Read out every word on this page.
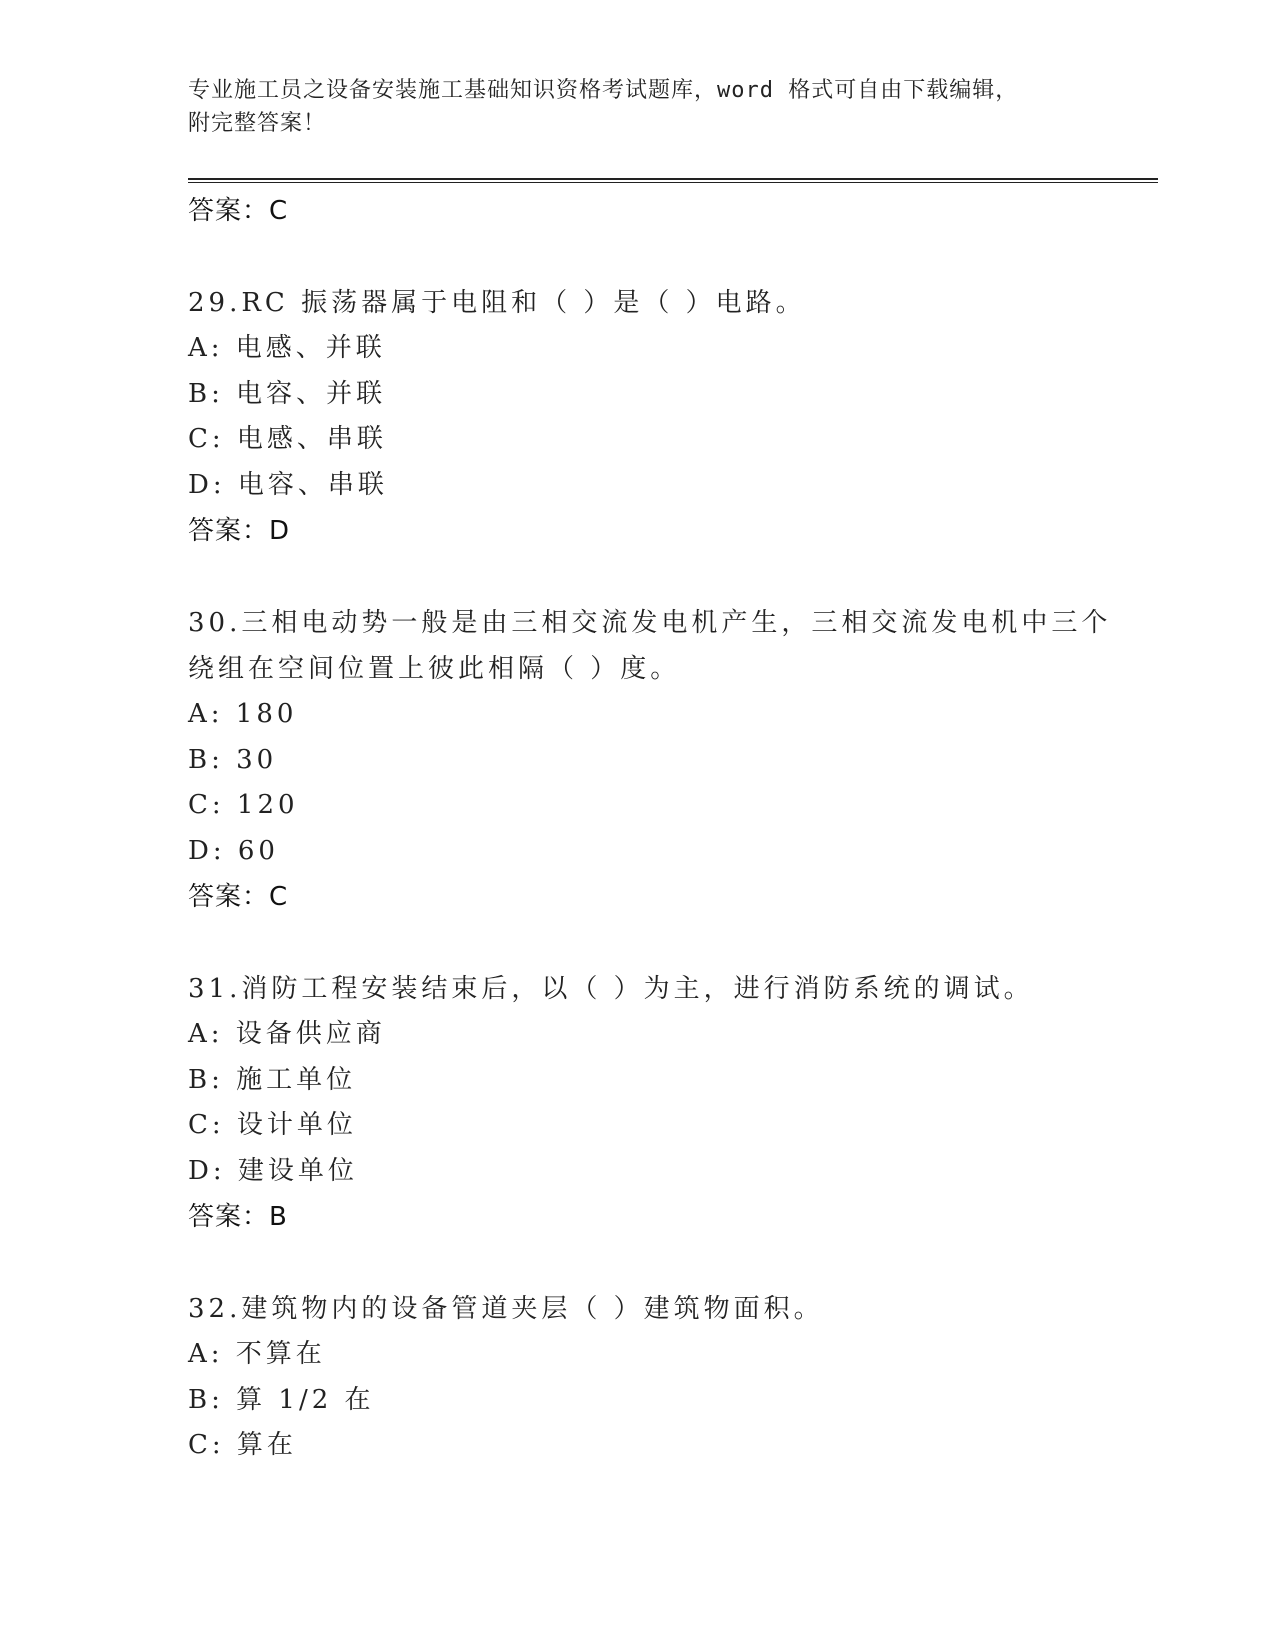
专业施工员之设备安装施工基础知识资格考试题库，word 格式可自由下载编辑，
附完整答案！
答案：C
29.RC 振荡器属于电阻和（ ）是（ ）电路。
A: 电感、并联
B: 电容、并联
C: 电感、串联
D: 电容、串联
答案：D
30.三相电动势一般是由三相交流发电机产生，三相交流发电机中三个
绕组在空间位置上彼此相隔（ ）度。
A: 180
B: 30
C: 120
D: 60
答案：C
31.消防工程安装结束后，以（ ）为主，进行消防系统的调试。
A: 设备供应商
B: 施工单位
C: 设计单位
D: 建设单位
答案：B
32.建筑物内的设备管道夹层（ ）建筑物面积。
A: 不算在
B: 算 1/2 在
C: 算在
